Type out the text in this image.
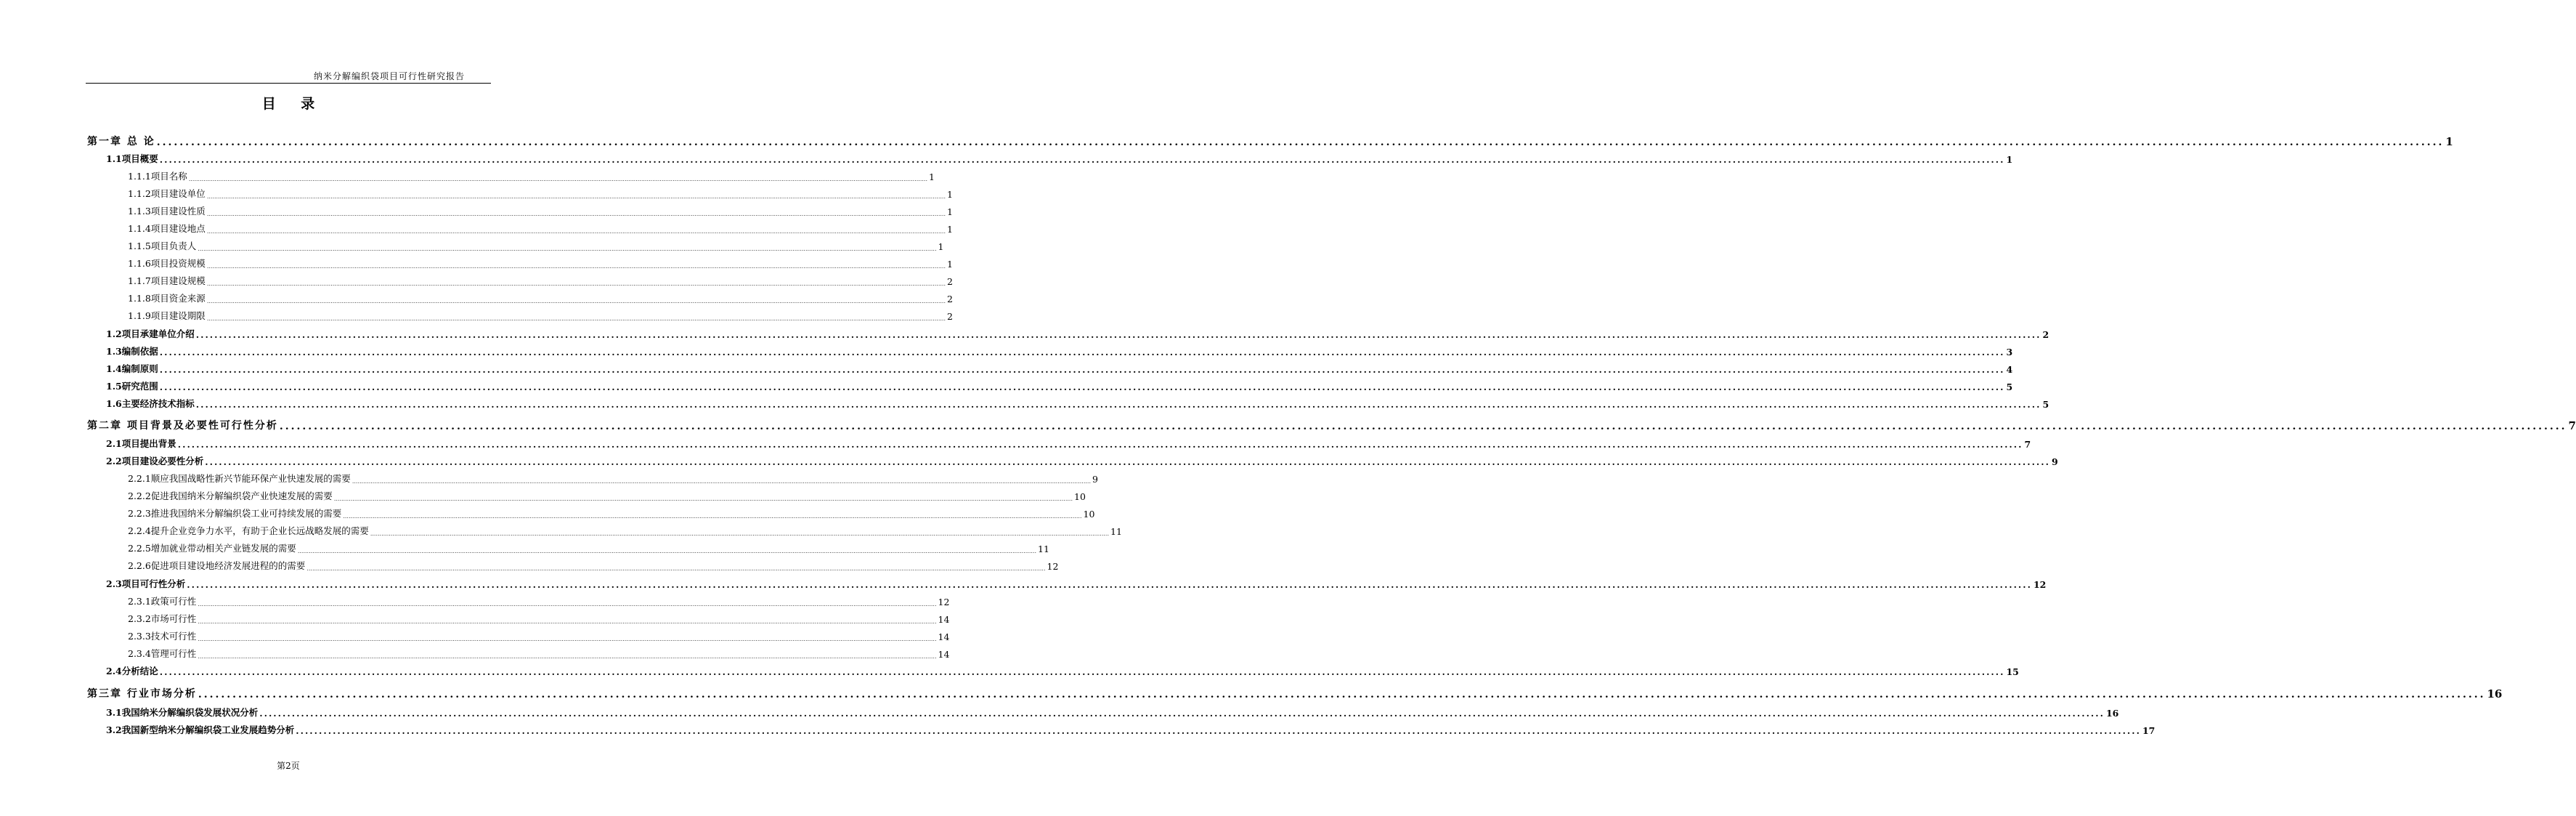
纳米分解编织袋项目可行性研究报告
目 录
第一章 总 论 ................................................................................................................................................................................................................................................................................................................................................................................................................ 1
1.1项目概要 ................................................................................................................................................................................................................................................................................................................................................................................................................ 1
1.1.1项目名称 ................................................................................................................................................................................................................................................................................................................................................................................................................ 1
1.1.2项目建设单位 ................................................................................................................................................................................................................................................................................................................................................................................................................ 1
1.1.3项目建设性质 ................................................................................................................................................................................................................................................................................................................................................................................................................ 1
1.1.4项目建设地点 ................................................................................................................................................................................................................................................................................................................................................................................................................ 1
1.1.5项目负责人 ................................................................................................................................................................................................................................................................................................................................................................................................................ 1
1.1.6项目投资规模 ................................................................................................................................................................................................................................................................................................................................................................................................................ 1
1.1.7项目建设规模 ................................................................................................................................................................................................................................................................................................................................................................................................................ 2
1.1.8项目资金来源 ................................................................................................................................................................................................................................................................................................................................................................................................................ 2
1.1.9项目建设期限 ................................................................................................................................................................................................................................................................................................................................................................................................................ 2
1.2项目承建单位介绍 ................................................................................................................................................................................................................................................................................................................................................................................................................ 2
1.3编制依据 ................................................................................................................................................................................................................................................................................................................................................................................................................ 3
1.4编制原则 ................................................................................................................................................................................................................................................................................................................................................................................................................ 4
1.5研究范围 ................................................................................................................................................................................................................................................................................................................................................................................................................ 5
1.6主要经济技术指标 ................................................................................................................................................................................................................................................................................................................................................................................................................ 5
第二章 项目背景及必要性可行性分析 ................................................................................................................................................................................................................................................................................................................................................................................................................ 7
2.1项目提出背景 ................................................................................................................................................................................................................................................................................................................................................................................................................ 7
2.2项目建设必要性分析 ................................................................................................................................................................................................................................................................................................................................................................................................................ 9
2.2.1顺应我国战略性新兴节能环保产业快速发展的需要 ................................................................................................................................................................................................................................................................................................................................................................................................................ 9
2.2.2促进我国纳米分解编织袋产业快速发展的需要 ................................................................................................................................................................................................................................................................................................................................................................................................................ 10
2.2.3推进我国纳米分解编织袋工业可持续发展的需要 ................................................................................................................................................................................................................................................................................................................................................................................................................ 10
2.2.4提升企业竞争力水平，有助于企业长远战略发展的需要 ................................................................................................................................................................................................................................................................................................................................................................................................................ 11
2.2.5增加就业带动相关产业链发展的需要 ................................................................................................................................................................................................................................................................................................................................................................................................................ 11
2.2.6促进项目建设地经济发展进程的的需要 ................................................................................................................................................................................................................................................................................................................................................................................................................ 12
2.3项目可行性分析 ................................................................................................................................................................................................................................................................................................................................................................................................................ 12
2.3.1政策可行性 ................................................................................................................................................................................................................................................................................................................................................................................................................ 12
2.3.2市场可行性 ................................................................................................................................................................................................................................................................................................................................................................................................................ 14
2.3.3技术可行性 ................................................................................................................................................................................................................................................................................................................................................................................................................ 14
2.3.4管理可行性 ................................................................................................................................................................................................................................................................................................................................................................................................................ 14
2.4分析结论 ................................................................................................................................................................................................................................................................................................................................................................................................................ 15
第三章 行业市场分析 ................................................................................................................................................................................................................................................................................................................................................................................................................ 16
3.1我国纳米分解编织袋发展状况分析 ................................................................................................................................................................................................................................................................................................................................................................................................................ 16
3.2我国新型纳米分解编织袋工业发展趋势分析 ................................................................................................................................................................................................................................................................................................................................................................................................................ 17
第2页
